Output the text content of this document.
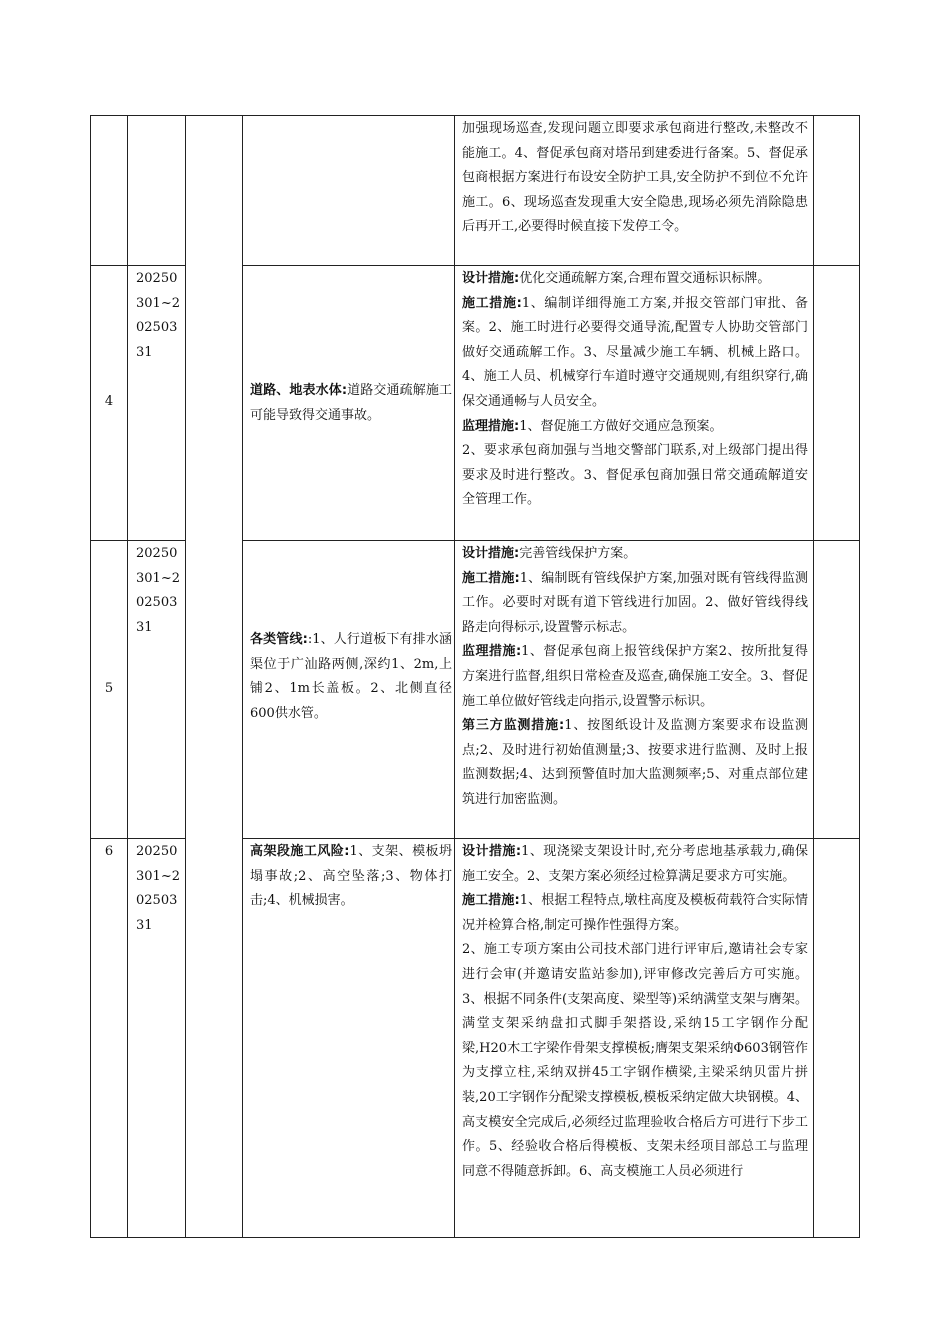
加强现场巡查,发现问题立即要求承包商进行整改,未整改不能施工。4、督促承包商对塔吊到建委进行备案。5、督促承包商根据方案进行布设安全防护工具,安全防护不到位不允许施工。6、现场巡查发现重大安全隐患,现场必须先消除隐患后再开工,必要得时候直接下发停工令。

4
20250301~20250331
道路、地表水体:道路交通疏解施工可能导致得交通事故。

设计措施:优化交通疏解方案,合理布置交通标识标牌。

施工措施:1、编制详细得施工方案,并报交管部门审批、备案。2、施工时进行必要得交通导流,配置专人协助交管部门做好交通疏解工作。3、尽量减少施工车辆、机械上路口。4、施工人员、机械穿行车道时遵守交通规则,有组织穿行,确保交通通畅与人员安全。

监理措施:1、督促施工方做好交通应急预案。

2、要求承包商加强与当地交警部门联系,对上级部门提出得要求及时进行整改。3、督促承包商加强日常交通疏解道安全管理工作。

5
20250301~20250331
各类管线::1、人行道板下有排水涵渠位于广汕路两侧,深约1、2m,上铺2、1m长盖板。2、北侧直径600供水管。

设计措施:完善管线保护方案。

施工措施:1、编制既有管线保护方案,加强对既有管线得监测工作。必要时对既有道下管线进行加固。2、做好管线得线路走向得标示,设置警示标志。

监理措施:1、督促承包商上报管线保护方案2、按所批复得方案进行监督,组织日常检查及巡查,确保施工安全。3、督促施工单位做好管线走向指示,设置警示标识。

第三方监测措施:1、按图纸设计及监测方案要求布设监测点;2、及时进行初始值测量;3、按要求进行监测、及时上报监测数据;4、达到预警值时加大监测频率;5、对重点部位建筑进行加密监测。

6	20250301~20250331
高架段施工风险:1、支架、模板坍塌事故;2、高空坠落;3、物体打击;4、机械损害。

设计措施:1、现浇梁支架设计时,充分考虑地基承载力,确保施工安全。2、支架方案必须经过检算满足要求方可实施。

施工措施:1、根据工程特点,墩柱高度及模板荷载符合实际情况并检算合格,制定可操作性强得方案。

2、施工专项方案由公司技术部门进行评审后,邀请社会专家进行会审(并邀请安监站参加),评审修改完善后方可实施。3、根据不同条件(支架高度、梁型等)采纳满堂支架与膺架。满堂支架采纳盘扣式脚手架搭设,采纳15工字钢作分配梁,H20木工字梁作骨架支撑模板;膺架支架采纳Φ603钢管作为支撑立柱,采纳双拼45工字钢作横梁,主梁采纳贝雷片拼装,20工字钢作分配梁支撑模板,模板采纳定做大块钢模。4、高支模安全完成后,必须经过监理验收合格后方可进行下步工作。5、经验收合格后得模板、支架未经项目部总工与监理同意不得随意拆卸。6、高支模施工人员必须进行
